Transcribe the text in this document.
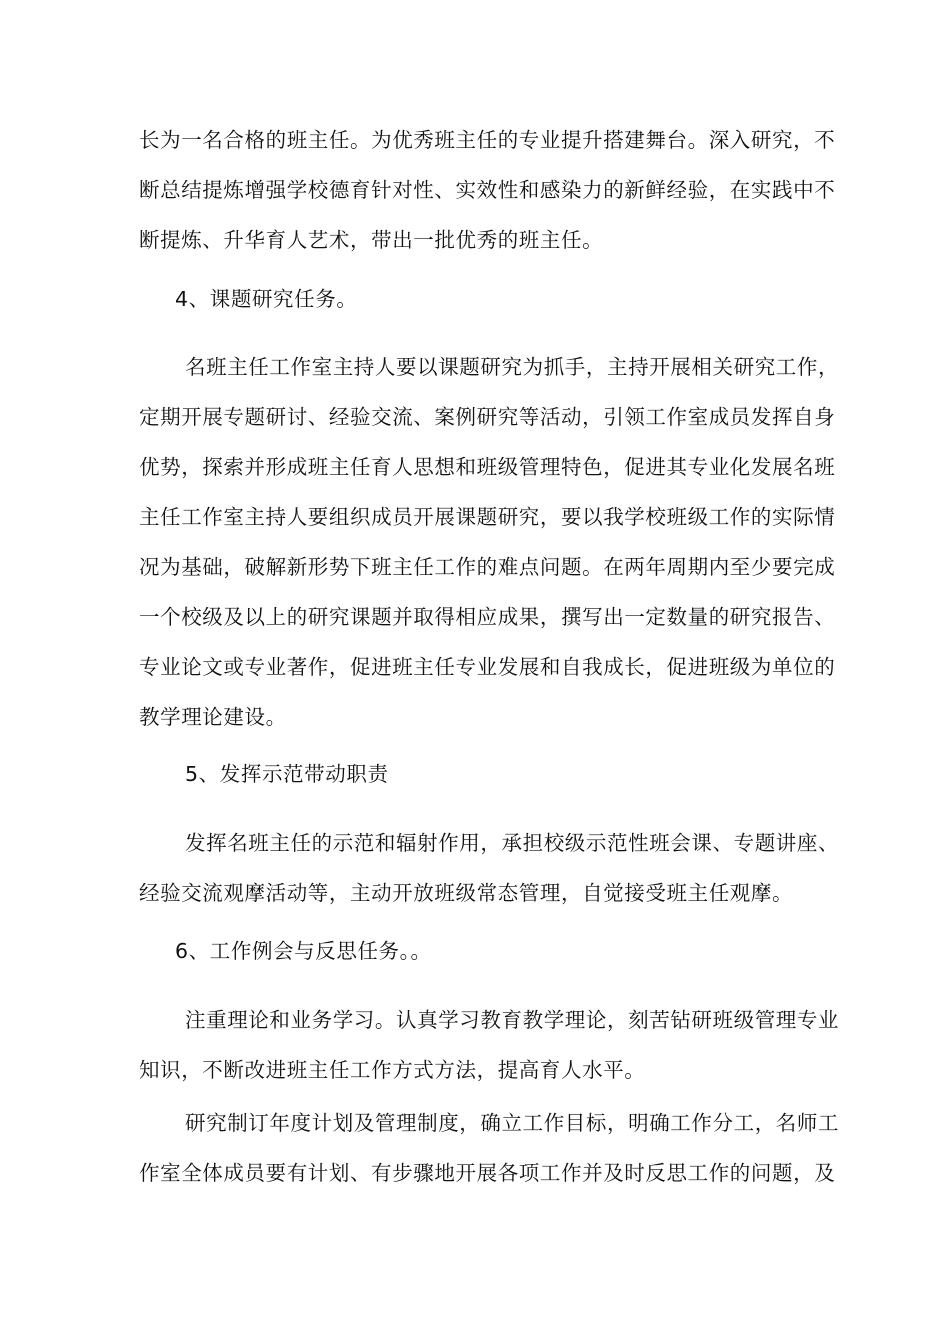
长为一名合格的班主任。为优秀班主任的专业提升搭建舞台。深入研究，不
断总结提炼增强学校德育针对性、实效性和感染力的新鲜经验，在实践中不
断提炼、升华育人艺术，带出一批优秀的班主任。
4、课题研究任务。
名班主任工作室主持人要以课题研究为抓手，主持开展相关研究工作，
定期开展专题研讨、经验交流、案例研究等活动，引领工作室成员发挥自身
优势，探索并形成班主任育人思想和班级管理特色，促进其专业化发展名班
主任工作室主持人要组织成员开展课题研究，要以我学校班级工作的实际情
况为基础，破解新形势下班主任工作的难点问题。在两年周期内至少要完成
一个校级及以上的研究课题并取得相应成果，撰写出一定数量的研究报告、
专业论文或专业著作，促进班主任专业发展和自我成长，促进班级为单位的
教学理论建设。
5、发挥示范带动职责
发挥名班主任的示范和辐射作用，承担校级示范性班会课、专题讲座、
经验交流观摩活动等，主动开放班级常态管理，自觉接受班主任观摩。
6、工作例会与反思任务。。
注重理论和业务学习。认真学习教育教学理论，刻苦钻研班级管理专业
知识，不断改进班主任工作方式方法，提高育人水平。
研究制订年度计划及管理制度，确立工作目标，明确工作分工，名师工
作室全体成员要有计划、有步骤地开展各项工作并及时反思工作的问题，及
